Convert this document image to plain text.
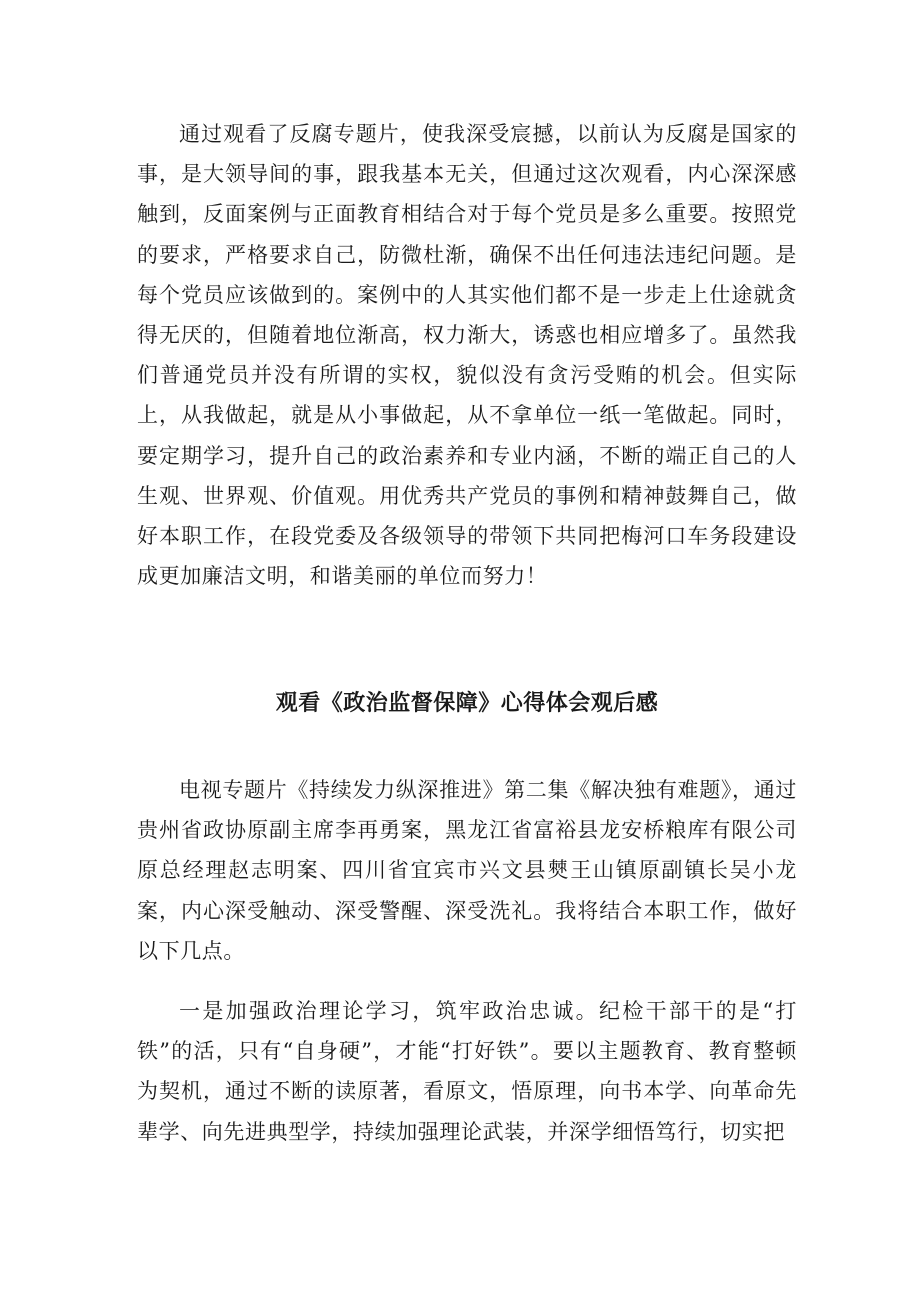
通过观看了反腐专题片，使我深受宸撼，以前认为反腐是国家的事，是大领导间的事，跟我基本无关，但通过这次观看，内心深深感触到，反面案例与正面教育相结合对于每个党员是多么重要。按照党的要求，严格要求自己，防微杜渐，确保不出任何违法违纪问题。是每个党员应该做到的。案例中的人其实他们都不是一步走上仕途就贪得无厌的，但随着地位渐高，权力渐大，诱惑也相应增多了。虽然我们普通党员并没有所谓的实权，貌似没有贪污受贿的机会。但实际上，从我做起，就是从小事做起，从不拿单位一纸一笔做起。同时，要定期学习，提升自己的政治素养和专业内涵，不断的端正自己的人生观、世界观、价值观。用优秀共产党员的事例和精神鼓舞自己，做好本职工作，在段党委及各级领导的带领下共同把梅河口车务段建设成更加廉洁文明，和谐美丽的单位而努力！

观看《政治监督保障》心得体会观后感

电视专题片《持续发力纵深推进》第二集《解决独有难题》，通过贵州省政协原副主席李再勇案，黑龙江省富裕县龙安桥粮库有限公司原总经理赵志明案、四川省宜宾市兴文县僰王山镇原副镇长吴小龙案，内心深受触动、深受警醒、深受洗礼。我将结合本职工作，做好以下几点。

一是加强政治理论学习，筑牢政治忠诚。纪检干部干的是“打铁”的活，只有“自身硬”，才能“打好铁”。要以主题教育、教育整顿为契机，通过不断的读原著，看原文，悟原理，向书本学、向革命先辈学、向先进典型学，持续加强理论武装，并深学细悟笃行，切实把
